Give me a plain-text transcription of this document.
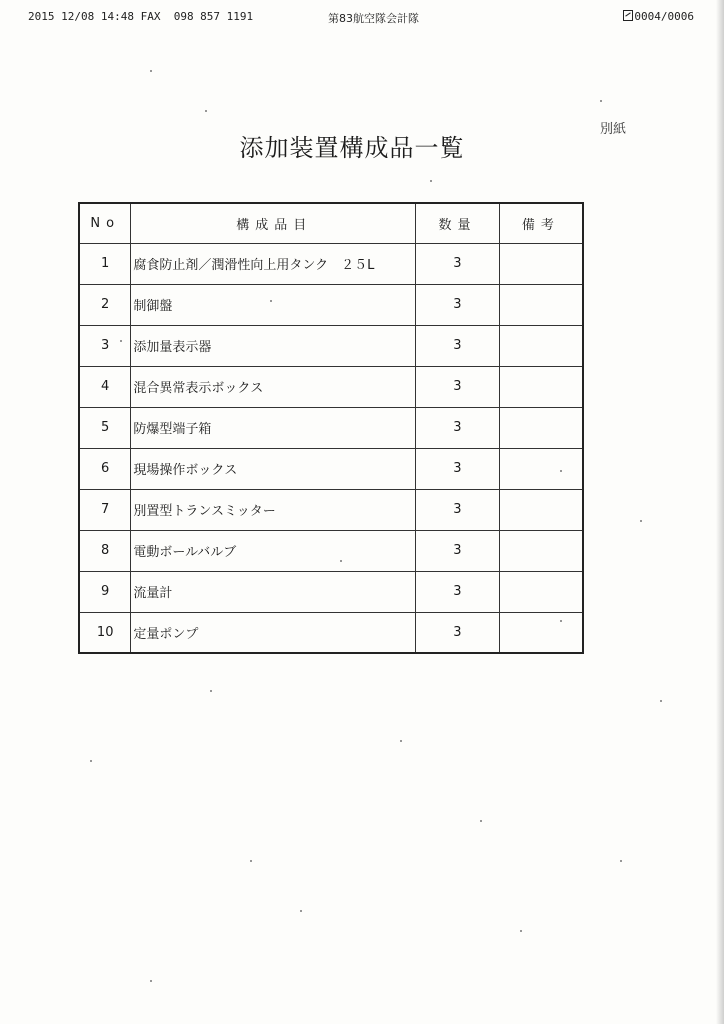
2015 12/08 14:48 FAX  098 857 1191	第83航空隊会計隊	0004/0006
別紙
添加装置構成品一覧
No	構成品目	数量	備考
1	腐食防止剤／潤滑性向上用タンク　２５L	3	
2	制御盤	3	
3	添加量表示器	3	
4	混合異常表示ボックス	3	
5	防爆型端子箱	3	
6	現場操作ボックス	3	
7	別置型トランスミッター	3	
8	電動ボールバルブ	3	
9	流量計	3	
10	定量ポンプ	3	
